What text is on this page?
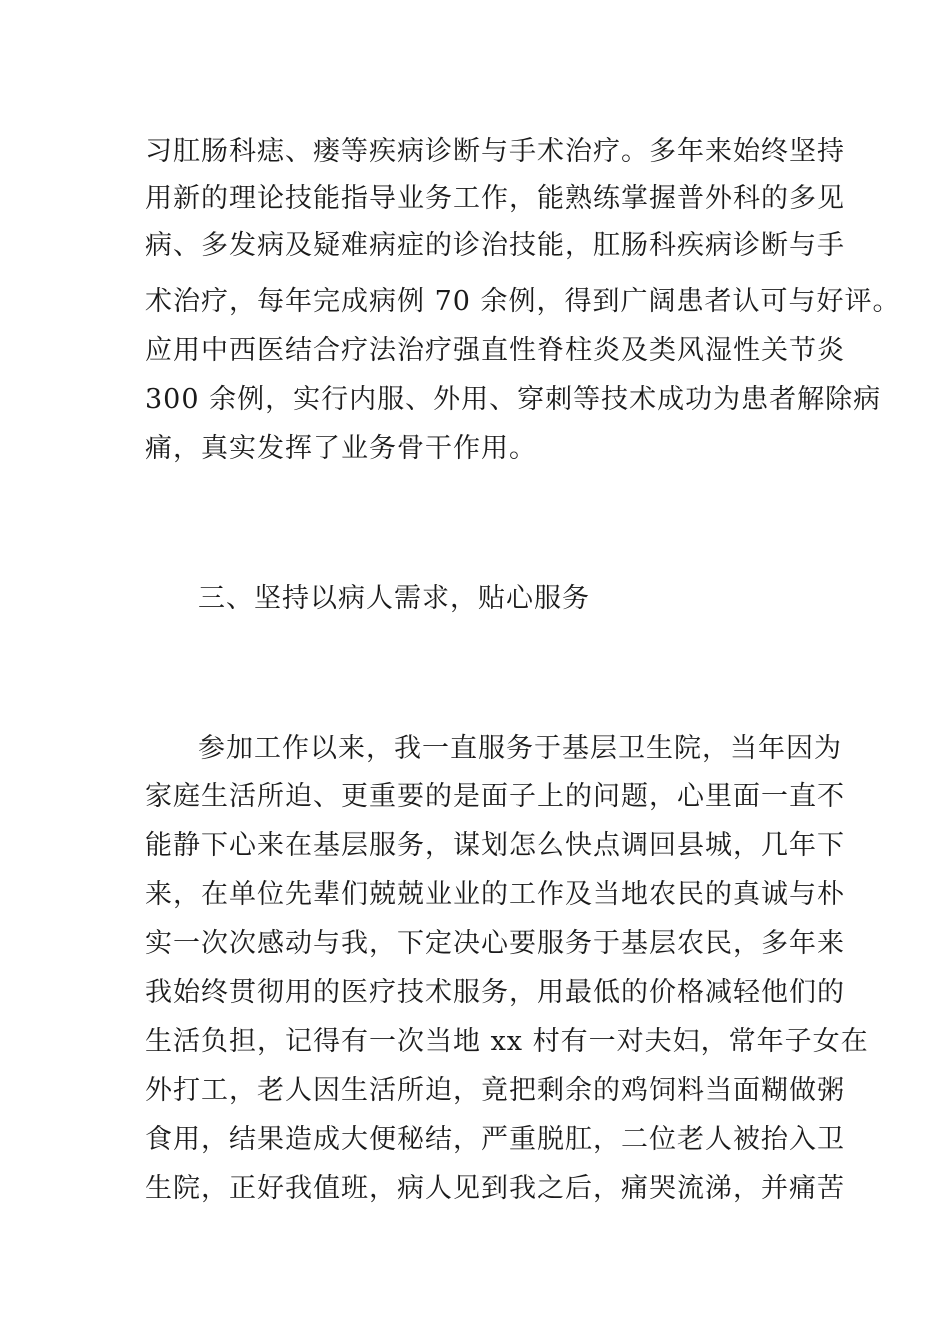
习肛肠科痣、瘘等疾病诊断与手术治疗。多年来始终坚持
用新的理论技能指导业务工作，能熟练掌握普外科的多见
病、多发病及疑难病症的诊治技能，肛肠科疾病诊断与手
术治疗，每年完成病例 70 余例，得到广阔患者认可与好评。
应用中西医结合疗法治疗强直性脊柱炎及类风湿性关节炎
300 余例，实行内服、外用、穿刺等技术成功为患者解除病
痛，真实发挥了业务骨干作用。
三、坚持以病人需求，贴心服务
参加工作以来，我一直服务于基层卫生院，当年因为
家庭生活所迫、更重要的是面子上的问题，心里面一直不
能静下心来在基层服务，谋划怎么快点调回县城，几年下
来，在单位先辈们兢兢业业的工作及当地农民的真诚与朴
实一次次感动与我，下定决心要服务于基层农民，多年来
我始终贯彻用的医疗技术服务，用最低的价格减轻他们的
生活负担，记得有一次当地 xx 村有一对夫妇，常年子女在
外打工，老人因生活所迫，竟把剩余的鸡饲料当面糊做粥
食用，结果造成大便秘结，严重脱肛，二位老人被抬入卫
生院，正好我值班，病人见到我之后，痛哭流涕，并痛苦
